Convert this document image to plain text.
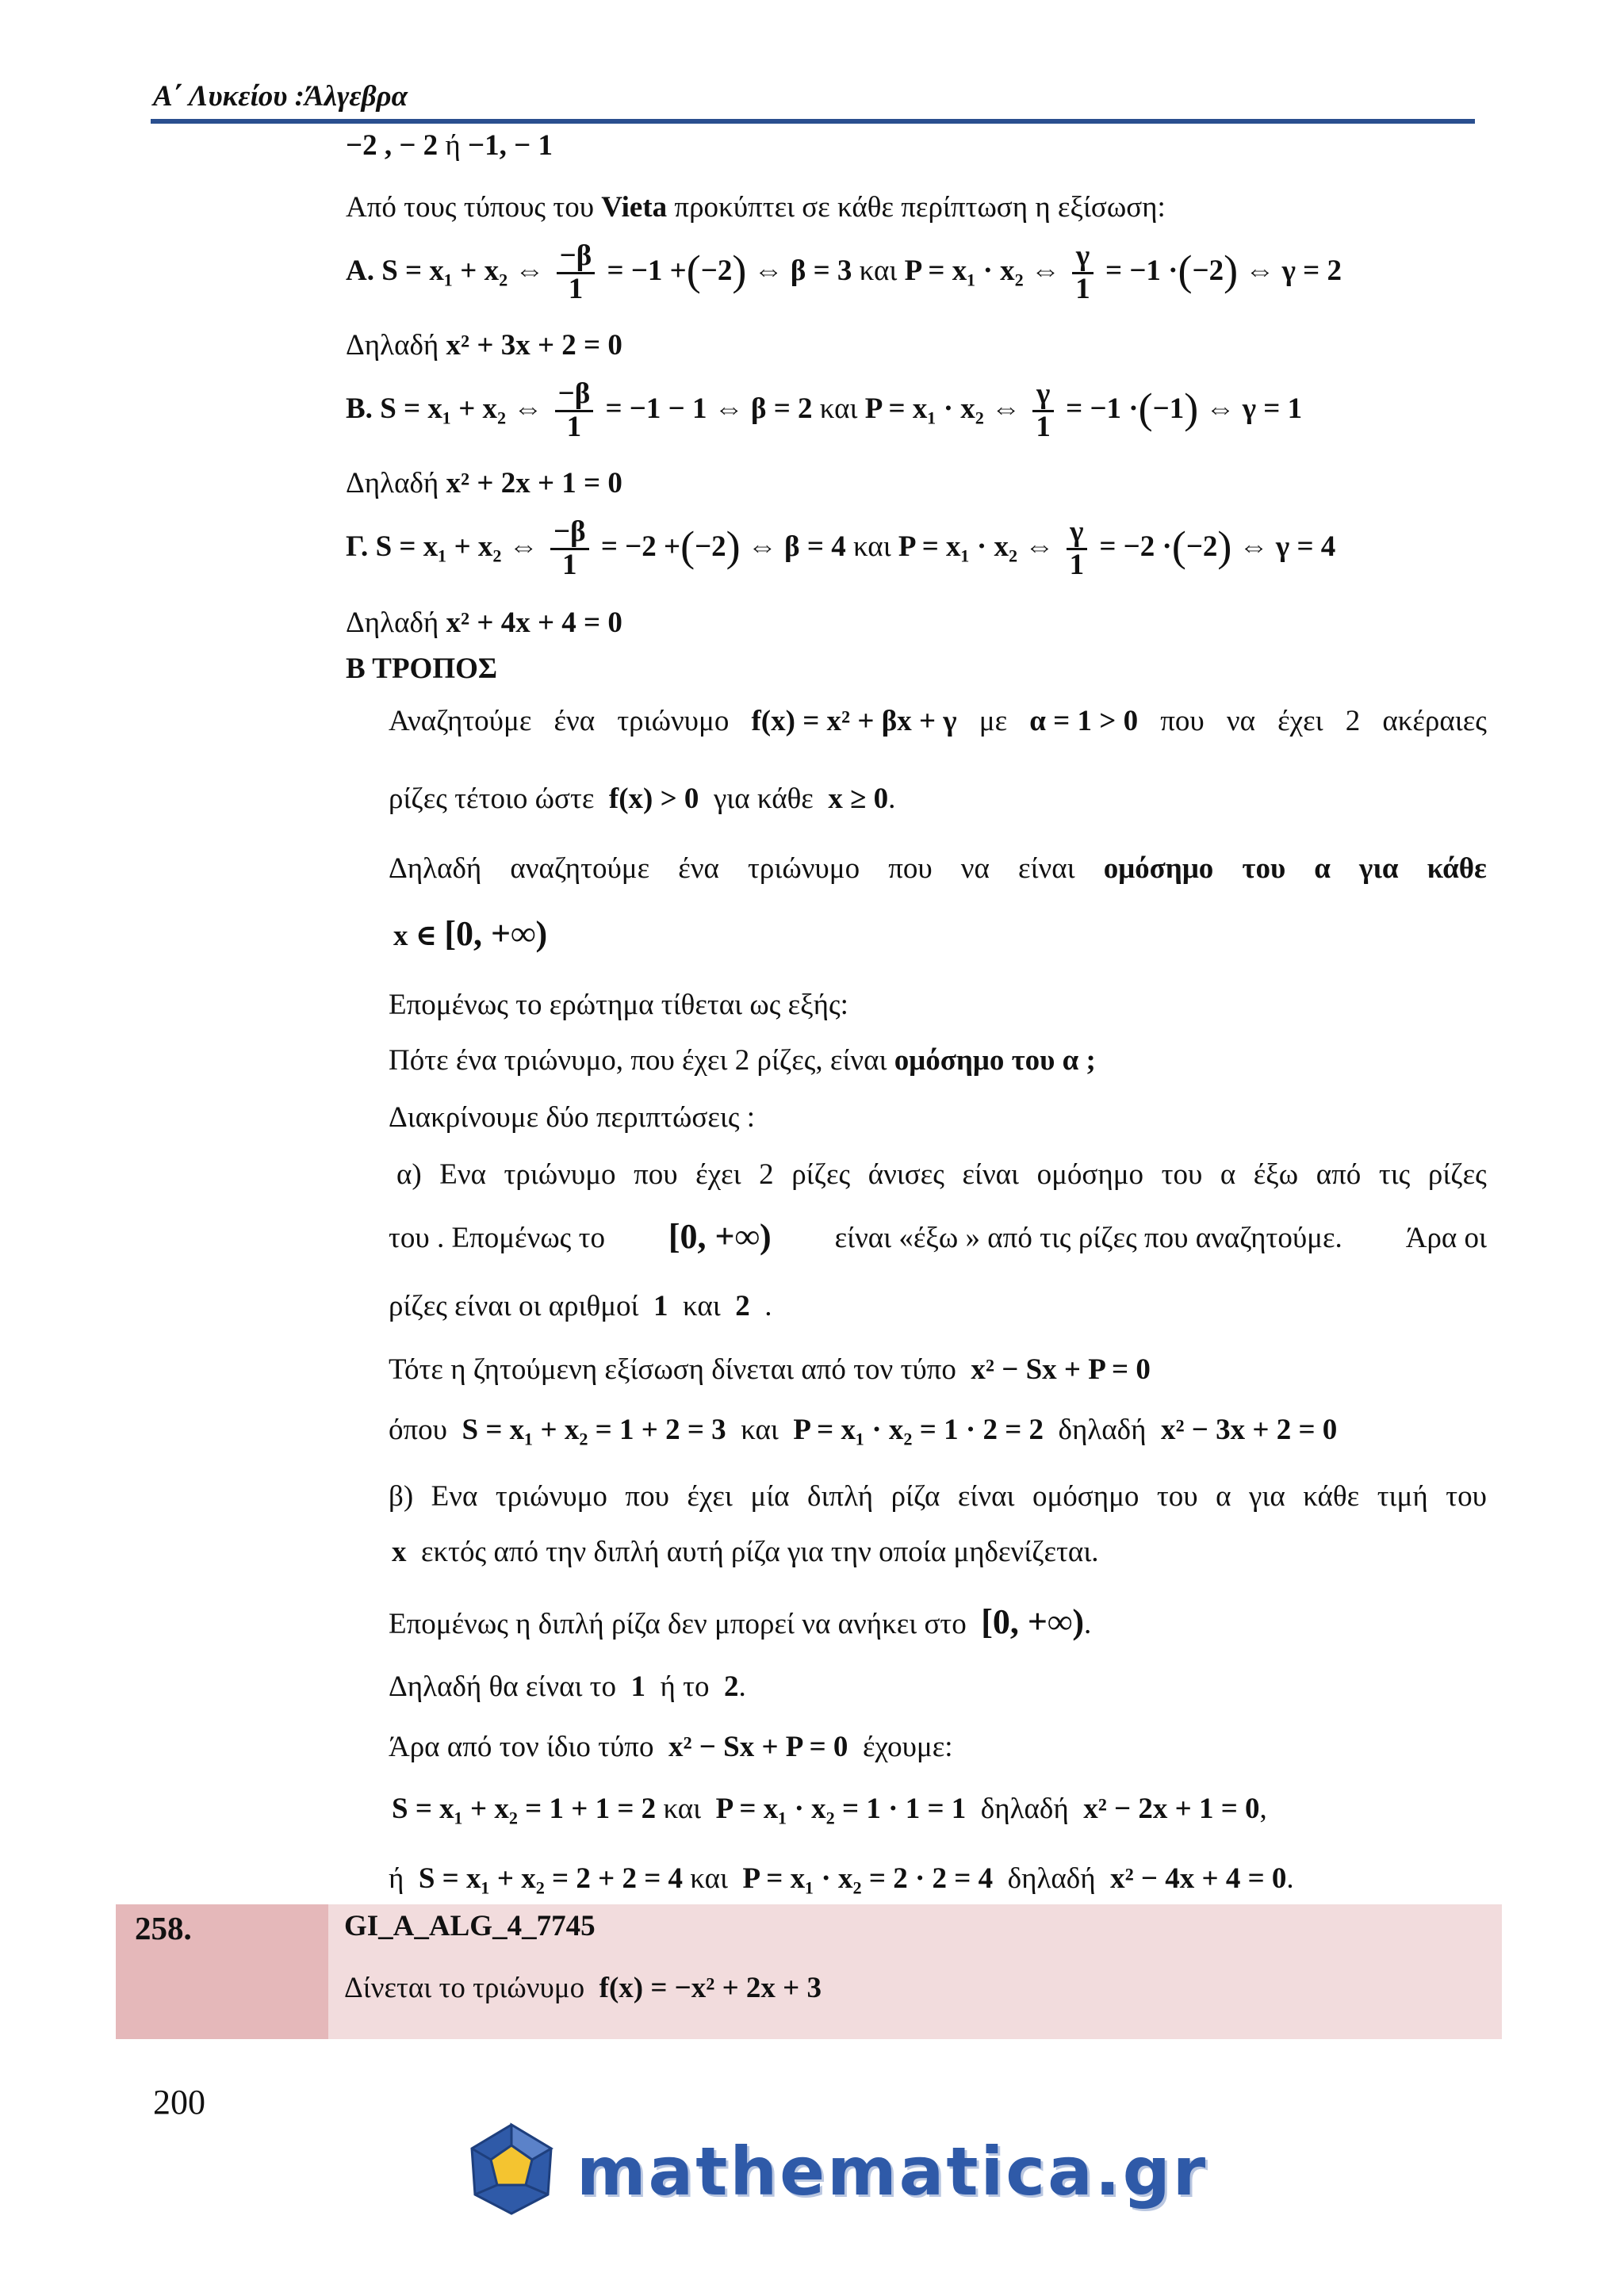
Α΄ Λυκείου :Άλγεβρα
−2 , − 2 ή −1, − 1
Από τους τύπους του Vieta προκύπτει σε κάθε περίπτωση η εξίσωση:
Α. S = x₁ + x₂ ⇔ $\frac{-\beta}{1} = -1 +(-2)$ ⇔ β = 3 και P = x₁ · x₂ ⇔ $\frac{\gamma}{1} = -1 \cdot(-2)$ ⇔ γ = 2
Δηλαδή x² + 3x + 2 = 0
Β. S = x₁ + x₂ ⇔ $\frac{-\beta}{1} = -1 - 1$ ⇔ β = 2 και P = x₁ · x₂ ⇔ $\frac{\gamma}{1} = -1 \cdot(-1)$ ⇔ γ = 1
Δηλαδή x² + 2x + 1 = 0
Γ. S = x₁ + x₂ ⇔ $\frac{-\beta}{1} = -2 +(-2)$ ⇔ β = 4 και P = x₁ · x₂ ⇔ $\frac{\gamma}{1} = -2 \cdot(-2)$ ⇔ γ = 4
Δηλαδή x² + 4x + 4 = 0
Β ΤΡΟΠΟΣ
Αναζητούμε ένα τριώνυμο f(x) = x² + βx + γ με α = 1 > 0 που να έχει 2 ακέραιες
ρίζες τέτοιο ώστε f(x) > 0 για κάθε x ≥ 0.
Δηλαδή αναζητούμε ένα τριώνυμο που να είναι ομόσημο του α για κάθε
x ∈ [0, +∞)
Επομένως το ερώτημα τίθεται ως εξής:
Πότε ένα τριώνυμο, που έχει 2 ρίζες, είναι ομόσημο του α ;
Διακρίνουμε δύο περιπτώσεις :
α) Ενα τριώνυμο που έχει 2 ρίζες άνισες είναι ομόσημο του α έξω από τις ρίζες
του . Επομένως το [0, +∞) είναι «έξω » από τις ρίζες που αναζητούμε. Άρα οι
ρίζες είναι οι αριθμοί 1 και 2 .
Τότε η ζητούμενη εξίσωση δίνεται από τον τύπο x² − Sx + P = 0
όπου S = x₁ + x₂ = 1 + 2 = 3 και P = x₁ · x₂ = 1 · 2 = 2 δηλαδή x² − 3x + 2 = 0
β) Ενα τριώνυμο που έχει μία διπλή ρίζα είναι ομόσημο του α για κάθε τιμή του
x εκτός από την διπλή αυτή ρίζα για την οποία μηδενίζεται.
Επομένως η διπλή ρίζα δεν μπορεί να ανήκει στο [0, +∞).
Δηλαδή θα είναι το 1 ή το 2.
Άρα από τον ίδιο τύπο x² − Sx + P = 0 έχουμε:
S = x₁ + x₂ = 1 + 1 = 2 και P = x₁ · x₂ = 1 · 1 = 1 δηλαδή x² − 2x + 1 = 0,
ή S = x₁ + x₂ = 2 + 2 = 4 και P = x₁ · x₂ = 2 · 2 = 4 δηλαδή x² − 4x + 4 = 0.
258.	GI_A_ALG_4_7745
Δίνεται το τριώνυμο f(x) = −x² + 2x + 3
200
mathematica.gr
